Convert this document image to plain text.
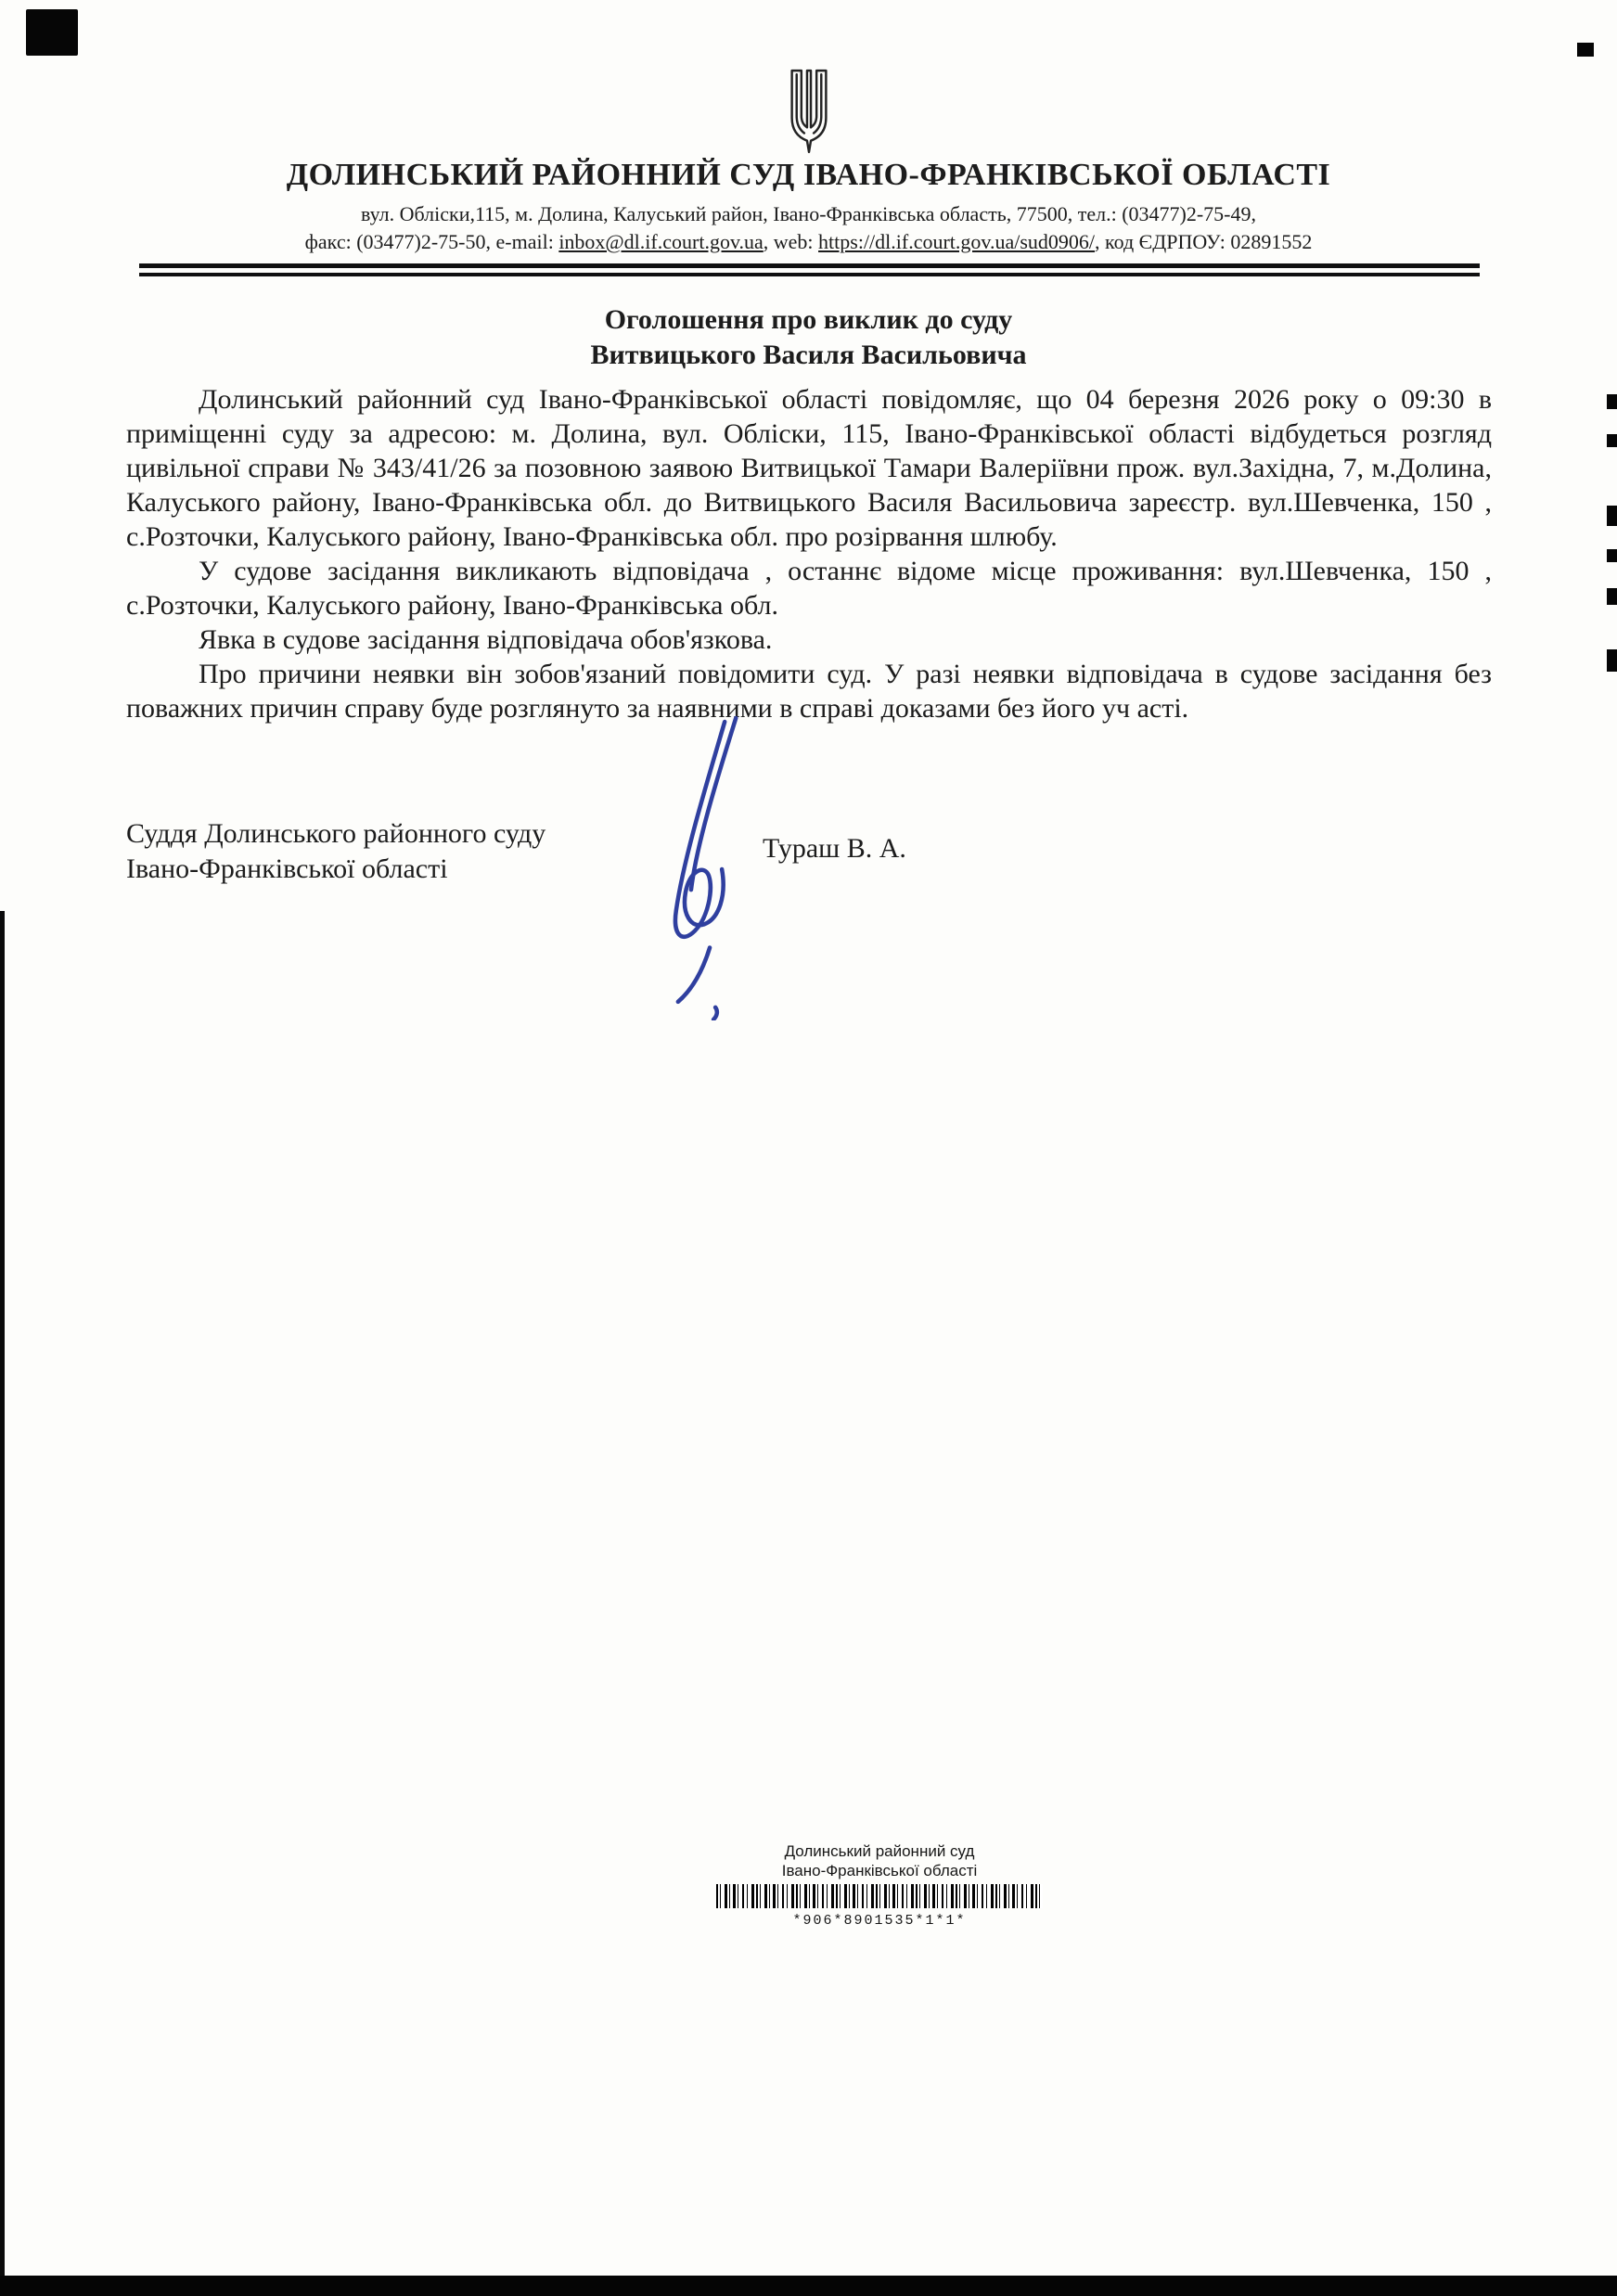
ДОЛИНСЬКИЙ РАЙОННИЙ СУД ІВАНО-ФРАНКІВСЬКОЇ ОБЛАСТІ
вул. Обліски,115, м. Долина, Калуський район, Івано-Франківська область, 77500, тел.: (03477)2-75-49,
факс: (03477)2-75-50, e-mail: inbox@dl.if.court.gov.ua, web: https://dl.if.court.gov.ua/sud0906/, код ЄДРПОУ: 02891552
Оголошення про виклик до суду
Витвицького Василя Васильовича

Долинський районний суд Івано-Франківської області повідомляє, що 04 березня 2026 року о 09:30 в приміщенні суду за адресою: м. Долина, вул. Обліски, 115, Івано-Франківської області відбудеться розгляд цивільної справи № 343/41/26 за позовною заявою Витвицької Тамари Валеріївни прож. вул.Західна, 7, м.Долина, Калуського району, Івано-Франківська обл. до Витвицького Василя Васильовича зареєстр. вул.Шевченка, 150 , с.Розточки, Калуського району, Івано-Франківська обл. про розірвання шлюбу.

У судове засідання викликають відповідача , останнє відоме місце проживання: вул.Шевченка, 150 , с.Розточки, Калуського району, Івано-Франківська обл.

Явка в судове засідання відповідача обов'язкова.

Про причини неявки він зобов'язаний повідомити суд. У разі неявки відповідача в судове засідання без поважних причин справу буде розглянуто за наявними в справі доказами без його уч асті.

Суддя Долинського районного суду
Івано-Франківської області
Тураш В. А.
Долинський районний суд
Івано-Франківської області
*906*8901535*1*1*
